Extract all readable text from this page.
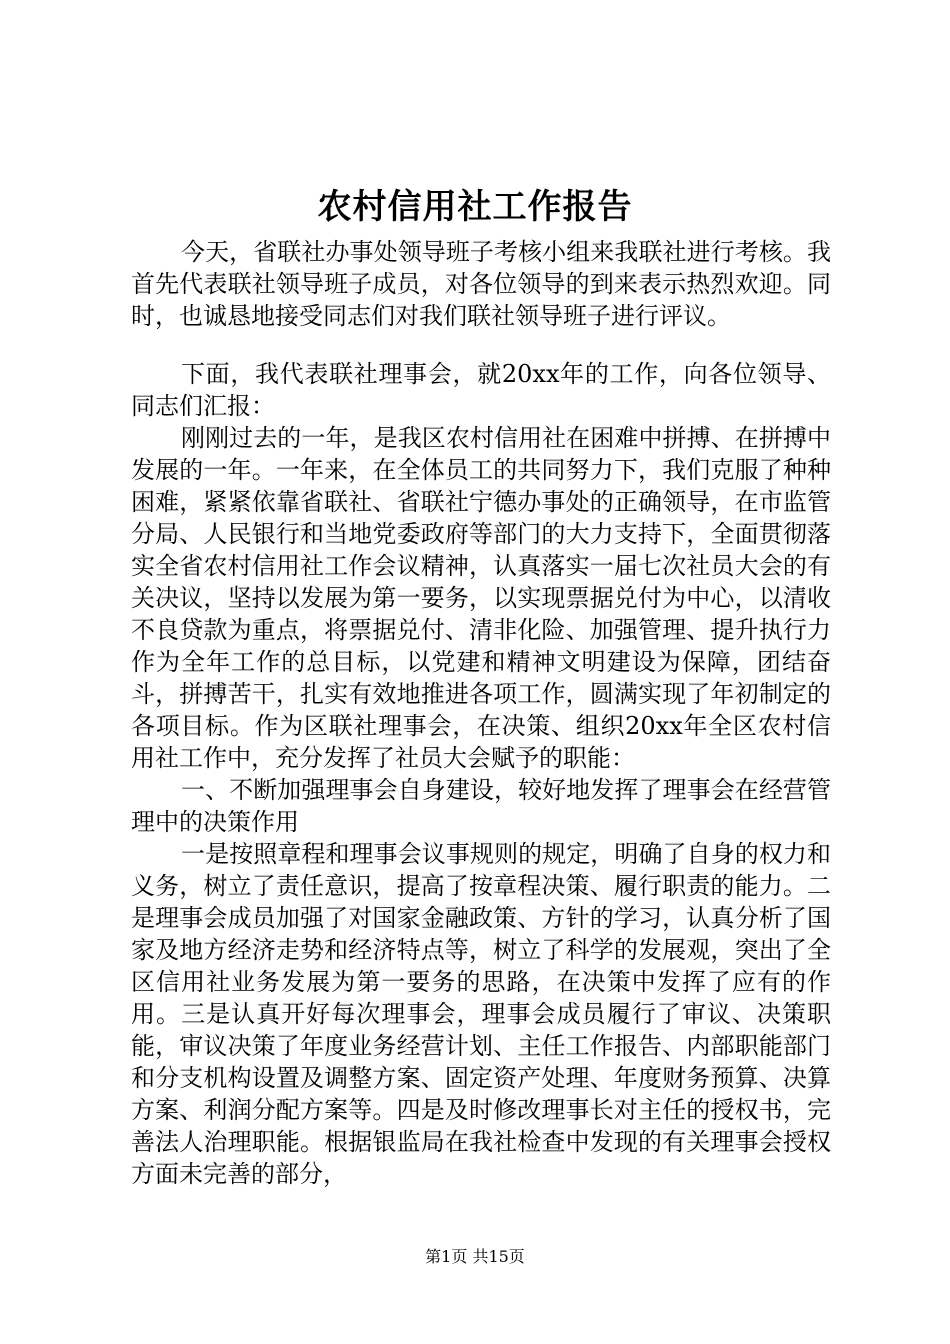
农村信用社工作报告

今天，省联社办事处领导班子考核小组来我联社进行考核。我首先代表联社领导班子成员，对各位领导的到来表示热烈欢迎。同时，也诚恳地接受同志们对我们联社领导班子进行评议。

下面，我代表联社理事会，就20xx年的工作，向各位领导、同志们汇报：

刚刚过去的一年，是我区农村信用社在困难中拼搏、在拼搏中发展的一年。一年来，在全体员工的共同努力下，我们克服了种种困难，紧紧依靠省联社、省联社宁德办事处的正确领导，在市监管分局、人民银行和当地党委政府等部门的大力支持下，全面贯彻落实全省农村信用社工作会议精神，认真落实一届七次社员大会的有关决议，坚持以发展为第一要务，以实现票据兑付为中心，以清收不良贷款为重点，将票据兑付、清非化险、加强管理、提升执行力作为全年工作的总目标，以党建和精神文明建设为保障，团结奋斗，拼搏苦干，扎实有效地推进各项工作，圆满实现了年初制定的各项目标。作为区联社理事会，在决策、组织20xx年全区农村信用社工作中，充分发挥了社员大会赋予的职能：

一、不断加强理事会自身建设，较好地发挥了理事会在经营管理中的决策作用

一是按照章程和理事会议事规则的规定，明确了自身的权力和义务，树立了责任意识，提高了按章程决策、履行职责的能力。二是理事会成员加强了对国家金融政策、方针的学习，认真分析了国家及地方经济走势和经济特点等，树立了科学的发展观，突出了全区信用社业务发展为第一要务的思路，在决策中发挥了应有的作用。三是认真开好每次理事会，理事会成员履行了审议、决策职能，审议决策了年度业务经营计划、主任工作报告、内部职能部门和分支机构设置及调整方案、固定资产处理、年度财务预算、决算方案、利润分配方案等。四是及时修改理事长对主任的授权书，完善法人治理职能。根据银监局在我社检查中发现的有关理事会授权方面未完善的部分，

第1页 共15页
